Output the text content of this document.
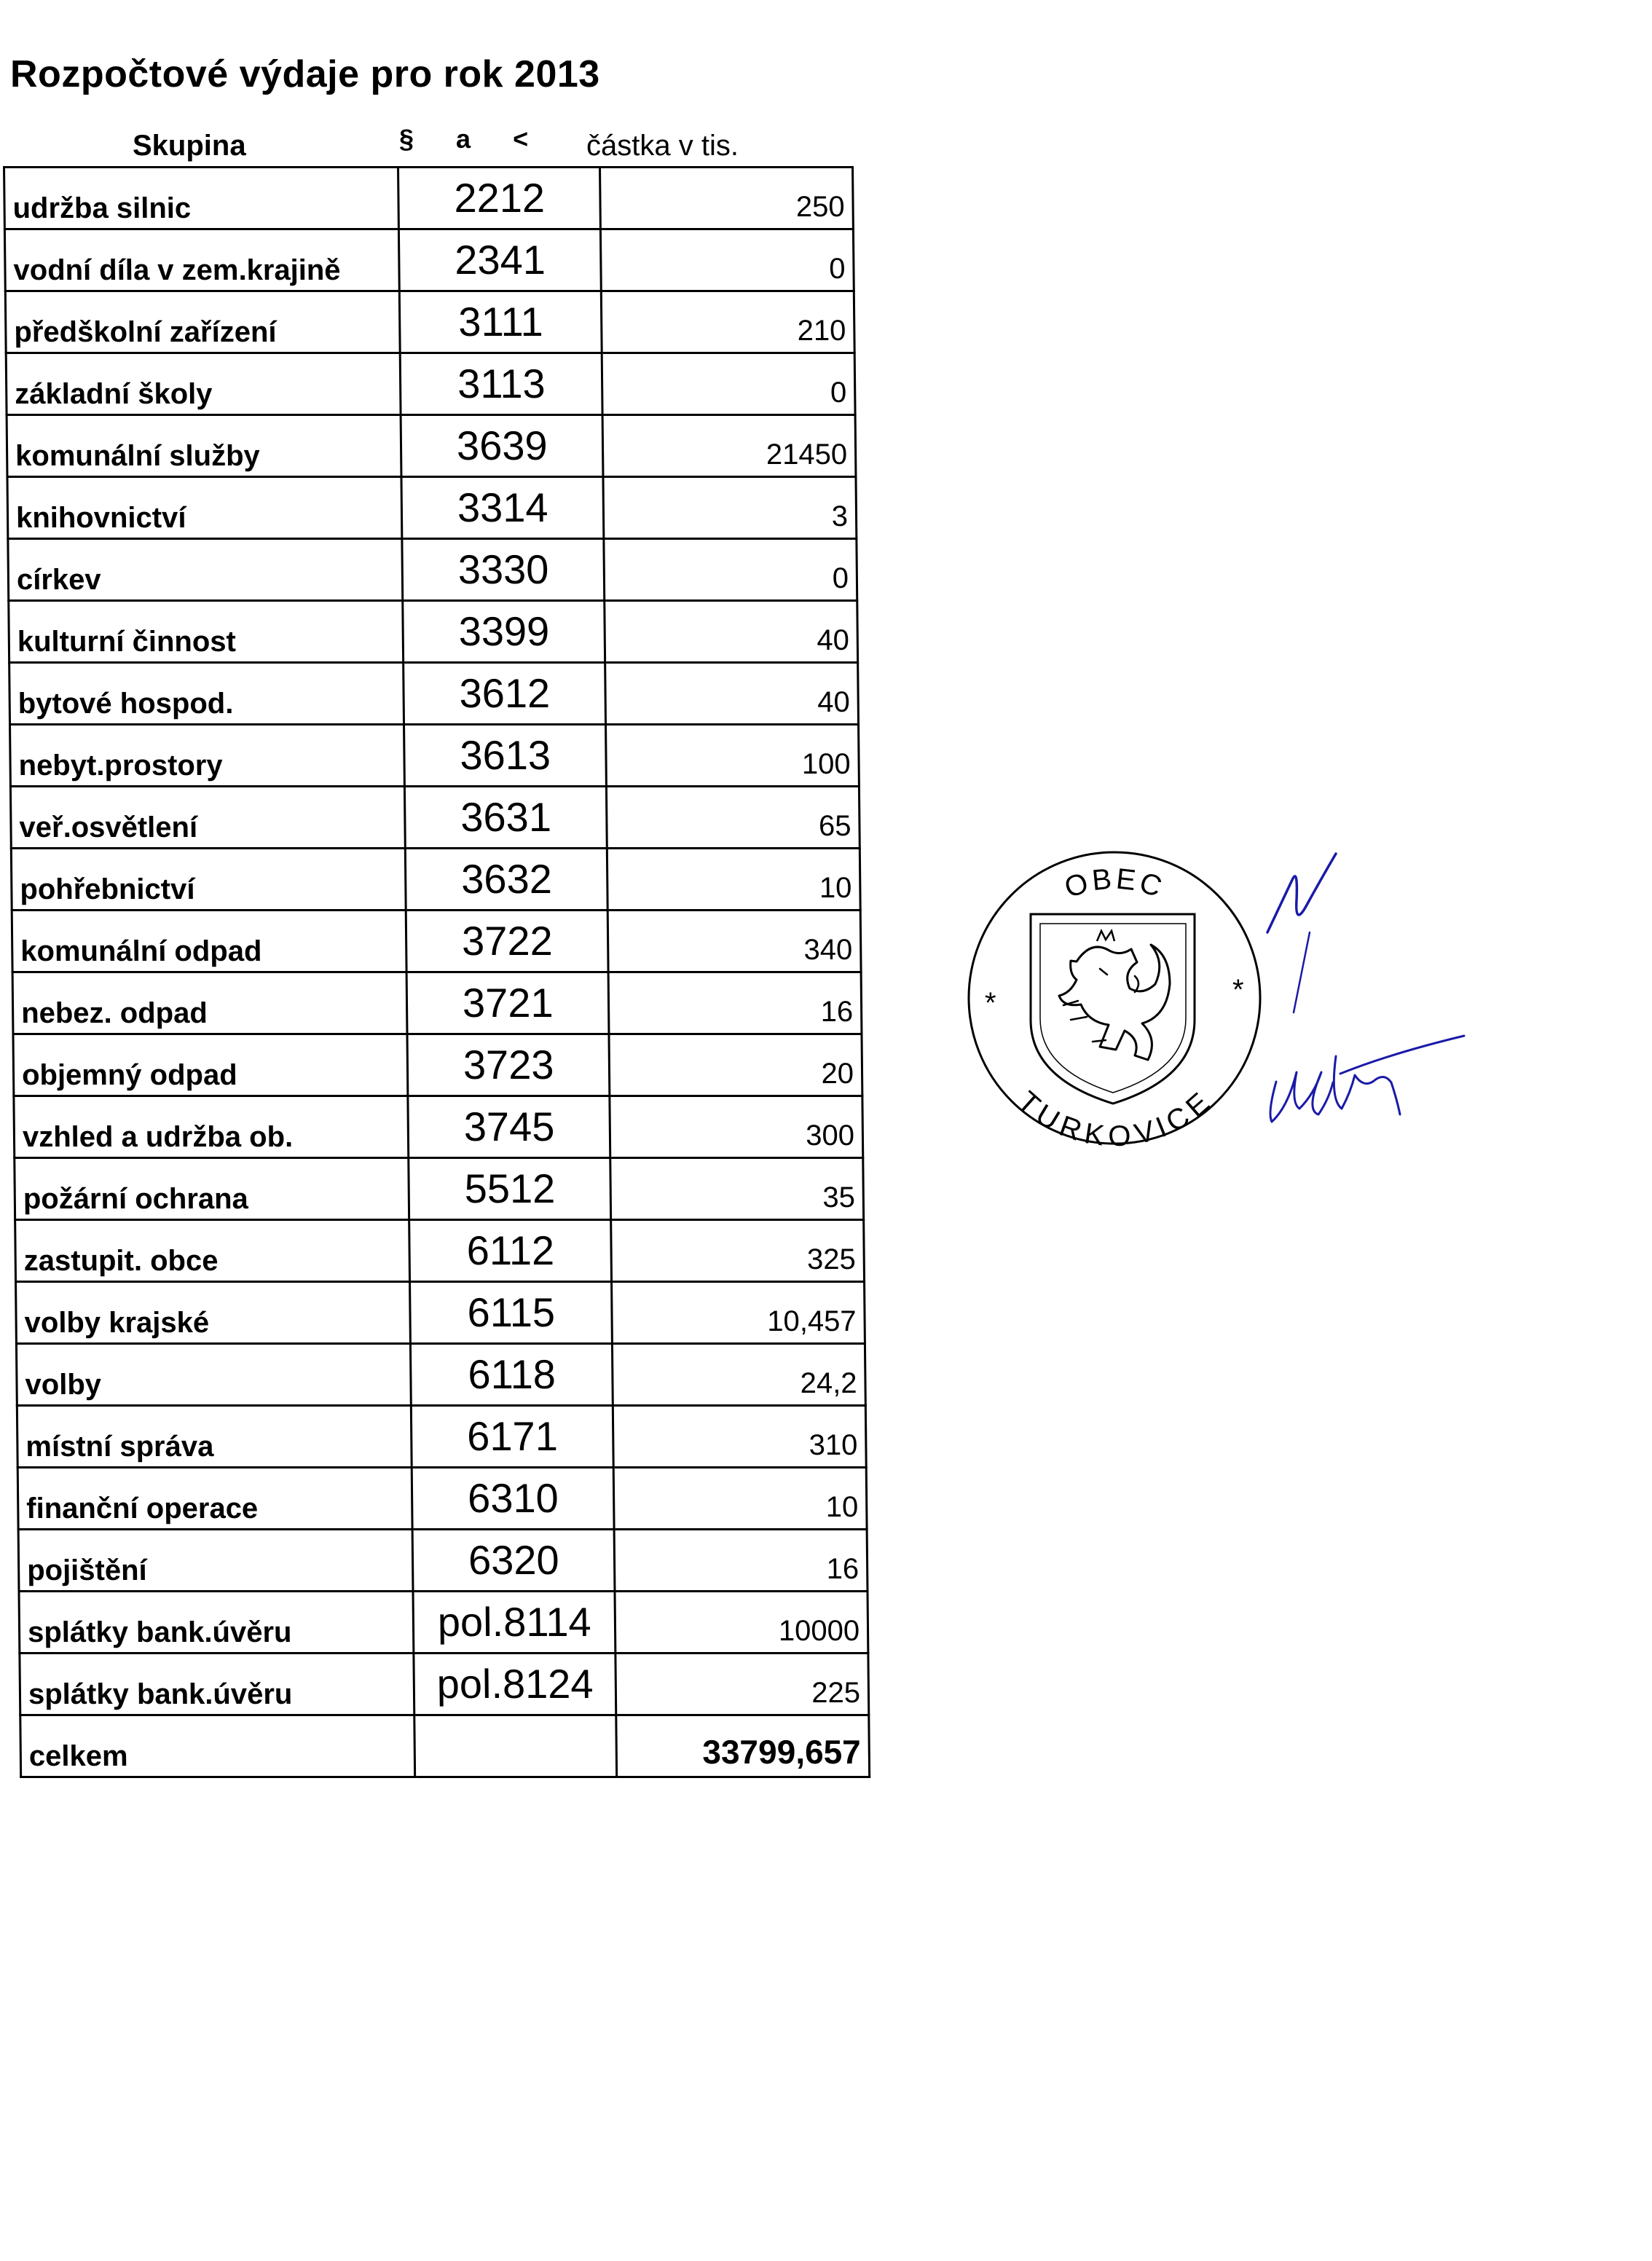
Rozpočtové výdaje pro rok 2013
Skupina	§ a <	částka v tis.
udržba silnic	2212	250
vodní díla v zem.krajině	2341	0
předškolní zařízení	3111	210
základní školy	3113	0
komunální služby	3639	21450
knihovnictví	3314	3
církev	3330	0
kulturní činnost	3399	40
bytové hospod.	3612	40
nebyt.prostory	3613	100
veř.osvětlení	3631	65
pohřebnictví	3632	10
komunální odpad	3722	340
nebez. odpad	3721	16
objemný odpad	3723	20
vzhled a udržba ob.	3745	300
požární ochrana	5512	35
zastupit. obce	6112	325
volby krajské	6115	10,457
volby	6118	24,2
místní správa	6171	310
finanční operace	6310	10
pojištění	6320	16
splátky bank.úvěru	pol.8114	10000
splátky bank.úvěru	pol.8124	225
celkem		33799,657
OBEC
TURKOVICE
*	*
